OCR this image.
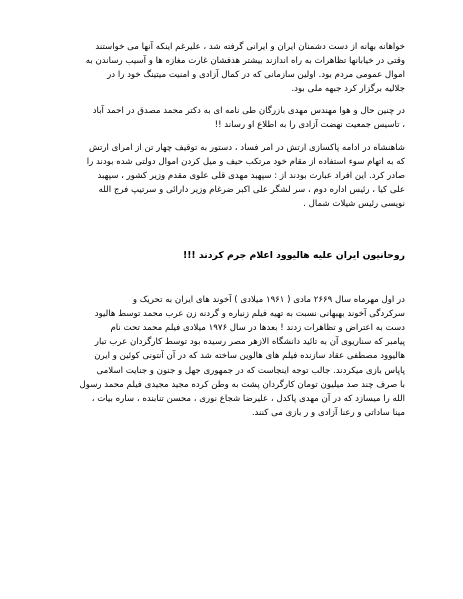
خواهانه بهانه از دست دشمنان ایران و ایرانی گرفته شد ، علیرغم اینکه آنها می خواستند
وقتی در خیابانها تظاهرات به راه اندازند بیشتر هدفشان غارت مغازه ها و آسیب رساندن به
اموال عمومی مردم بود. اولین سازمانی که در کمال آزادی و امنیت میتینگ خود را در
جلالیه برگزار کرد جبهه ملی بود.
در چنین حال و هوا مهندس مهدی بازرگان طی نامه ای به دکتر محمد مصدق در احمد آباد
، تاسیس جمعیت نهضت آزادی را به اطلاع او رساند !!
شاهنشاه در ادامه پاکسازی ارتش در امر فساد ، دستور به توقیف چهار تن از امرای ارتش
که به اتهام سوء استفاده از مقام خود مرتکب حیف و میل کردن اموال دولتی شده بودند را
صادر کرد. این افراد عبارت بودند از : سپهبد مهدی قلی علوی مقدم وزیر کشور ، سپهبد
علی کیا ، رئیس اداره دوم ، سر لشگر علی اکبر ضرغام وزیر دارائی و سرتیپ فرج الله
نویسی رئیس شیلات شمال .
روحانیون ایران علیه هالیوود اعلام جرم کردند !!!
در اول مهرماه سال ۲۶۶۹ مادی ( ۱۹۶۱ میلادی ) آخوند های ایران به تحریک و
سرکردگی آخوند بهبهانی نسبت به تهیه فیلم زنباره و گردنه زن عرب محمد توسط هالیود
دست به اعتراض و تظاهرات زدند ! بعدها در سال ۱۹۷۶ میلادی فیلم محمد تحت نام
پیامبر که سناریوی آن به تائید دانشگاه الازهر مصر رسیده بود توسط کارگردان عرب تبار
هالیوود مصطفی عقاد سازنده فیلم های هالوین ساخته شد که در آن آنتونی کوئین و ایرن
پاپاس بازی میکردند. جالب توجه اینجاست که در جمهوری جهل و جنون و جنایت اسلامی
با صرف چند صد میلیون تومان کارگردان پشت به وطن کرده مجید مجیدی فیلم محمد رسول
الله را میسازد که در آن مهدی پاکدل ، علیرضا شجاع نوری ، محسن تنابنده ، ساره بیات ،
مینا ساداتی و رعنا آزادی و ر بازی می کنند.
